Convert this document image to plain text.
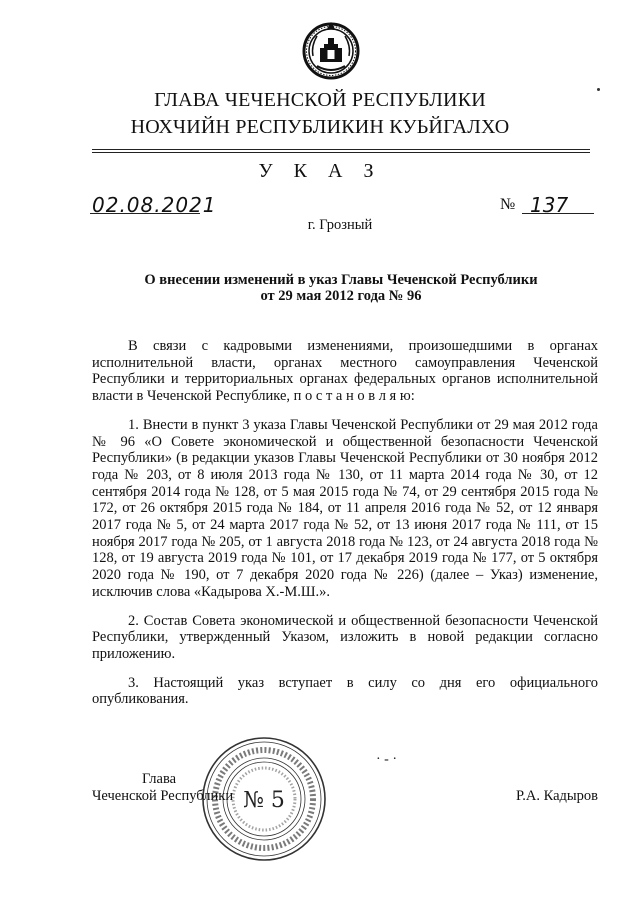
ГЛАВА ЧЕЧЕНСКОЙ РЕСПУБЛИКИ
НОХЧИЙН РЕСПУБЛИКИН КУЬЙГАЛХО
У К А З
02.08.2021	№ 137
г. Грозный
О внесении изменений в указ Главы Чеченской Республики
от 29 мая 2012 года № 96

В связи с кадровыми изменениями, произошедшими в органах исполнительной власти, органах местного самоуправления Чеченской Республики и территориальных органах федеральных органов исполнительной власти в Чеченской Республике, п о с т а н о в л я ю:

1. Внести в пункт 3 указа Главы Чеченской Республики от 29 мая 2012 года № 96 «О Совете экономической и общественной безопасности Чеченской Республики» (в редакции указов Главы Чеченской Республики от 30 ноября 2012 года № 203, от 8 июля 2013 года № 130, от 11 марта 2014 года № 30, от 12 сентября 2014 года № 128, от 5 мая 2015 года № 74, от 29 сентября 2015 года № 172, от 26 октября 2015 года № 184, от 11 апреля 2016 года № 52, от 12 января 2017 года № 5, от 24 марта 2017 года № 52, от 13 июня 2017 года № 111, от 15 ноября 2017 года № 205, от 1 августа 2018 года № 123, от 24 августа 2018 года № 128, от 19 августа 2019 года № 101, от 17 декабря 2019 года № 177, от 5 октября 2020 года № 190, от 7 декабря 2020 года № 226) (далее – Указ) изменение, исключив слова «Кадырова Х.-М.Ш.».

2. Состав Совета экономической и общественной безопасности Чеченской Республики, утвержденный Указом, изложить в новой редакции согласно приложению.

3. Настоящий указ вступает в силу со дня его официального опубликования.

№ 5
· ‐ ·
Глава
Чеченской Республики	Р.А. Кадыров
